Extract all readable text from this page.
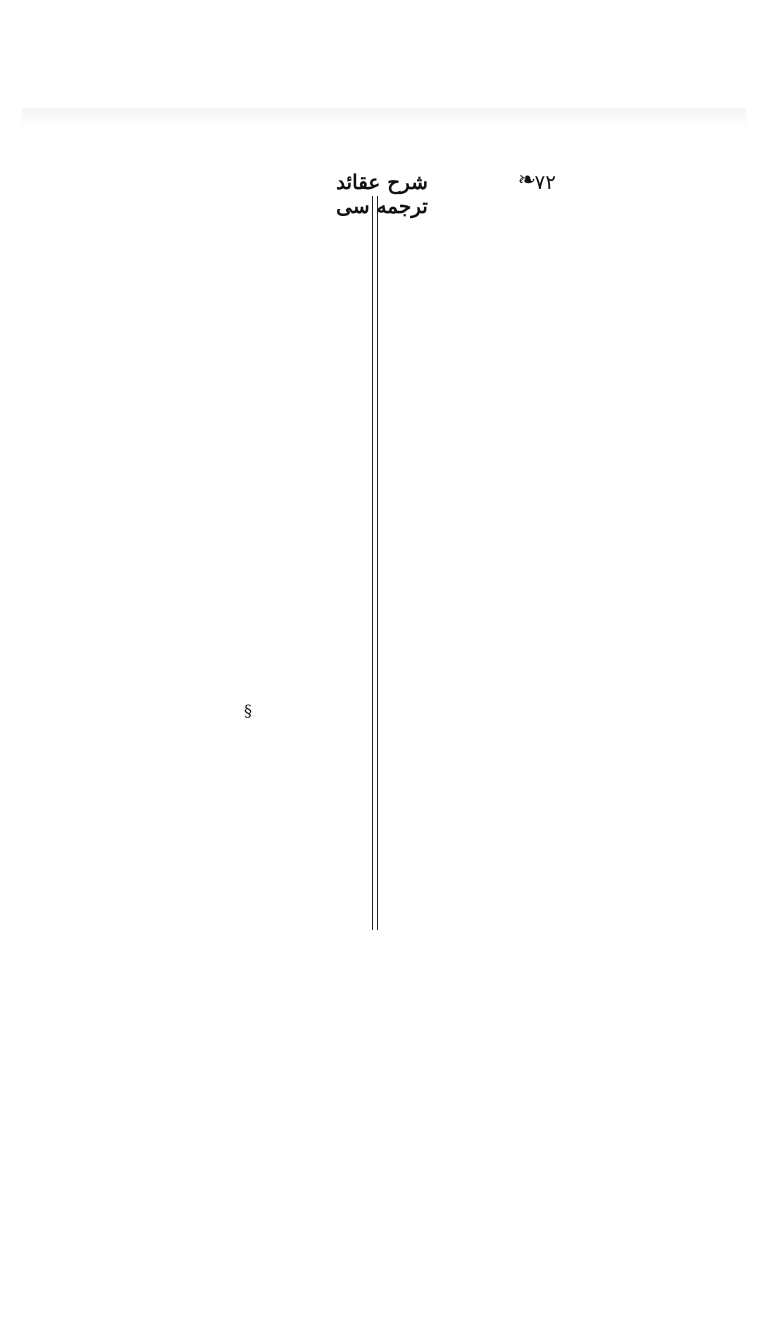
❧
٧٢
شرح عقائد ترجمه سی
§
